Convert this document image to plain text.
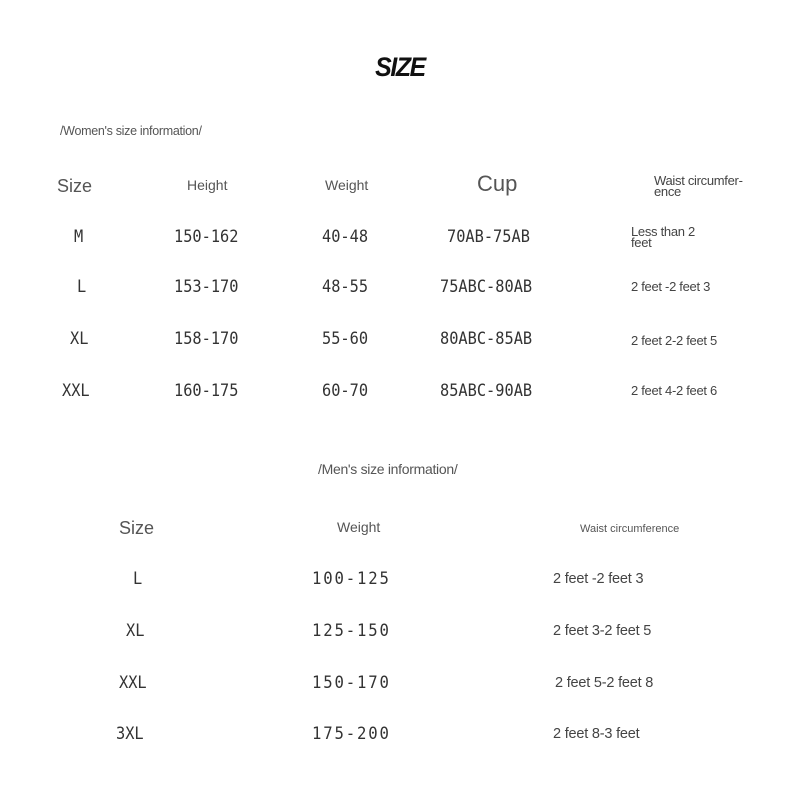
SIZE
/Women's size information/
Size	Height	Weight	Cup	Waist circumfer-
ence
M	150-162	40-48	70AB-75AB	Less than 2
feet
L	153-170	48-55	75ABC-80AB	2 feet -2 feet 3
XL	158-170	55-60	80ABC-85AB	2 feet 2-2 feet 5
XXL	160-175	60-70	85ABC-90AB	2 feet 4-2 feet 6
/Men's size information/
Size	Weight	Waist circumference
L	100-125	2 feet -2 feet 3
XL	125-150	2 feet 3-2 feet 5
XXL	150-170	2 feet 5-2 feet 8
3XL	175-200	2 feet 8-3 feet
